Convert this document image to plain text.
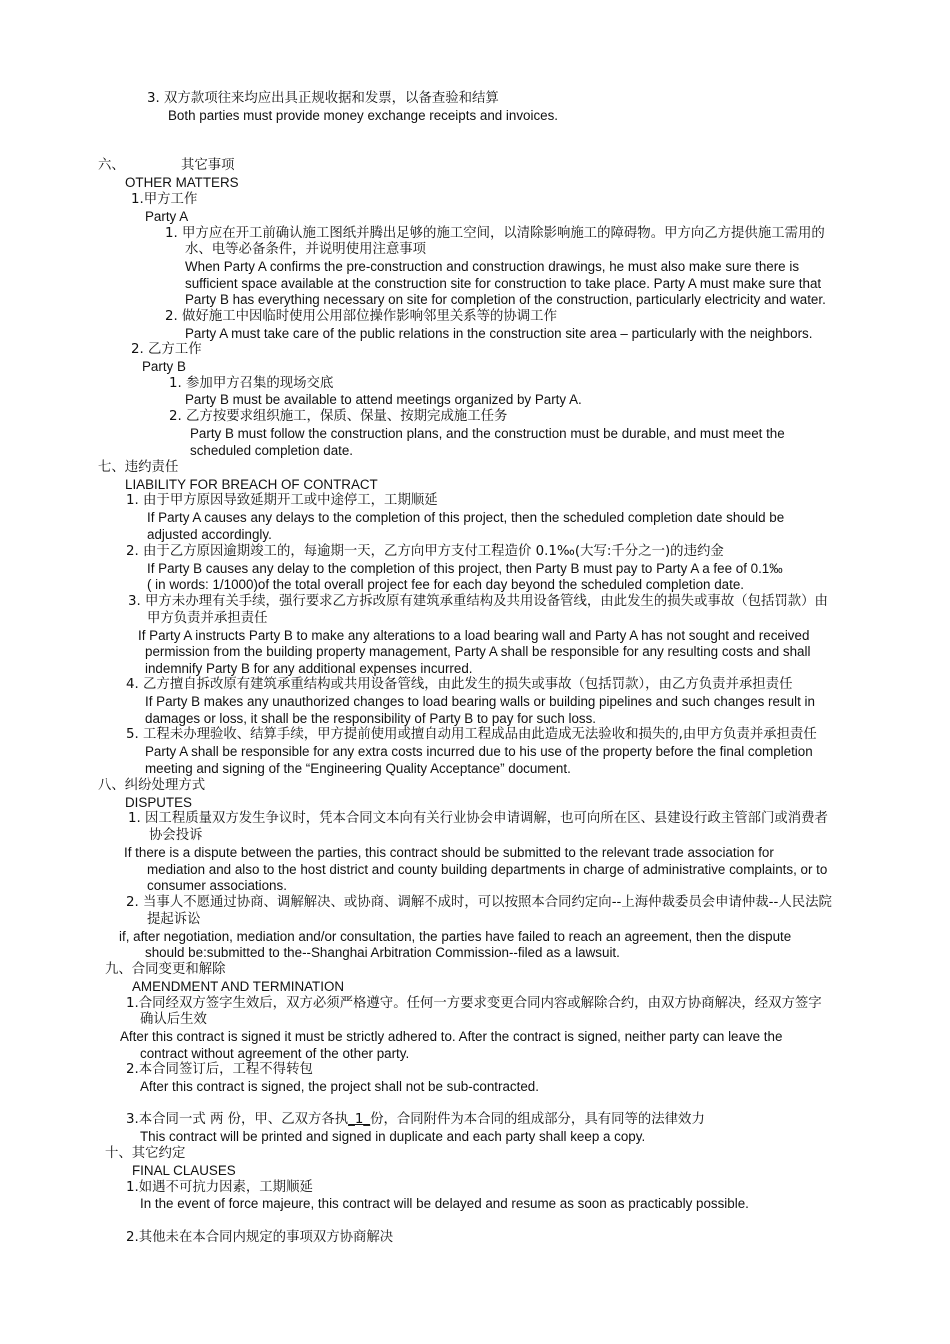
3. 双方款项往来均应出具正规收据和发票，以备查验和结算
Both parties must provide money exchange receipts and invoices.
六、	其它事项
OTHER MATTERS
1.甲方工作
Party A
1. 甲方应在开工前确认施工图纸并腾出足够的施工空间，以清除影响施工的障碍物。甲方向乙方提供施工需用的
水、电等必备条件，并说明使用注意事项
When Party A confirms the pre-construction and construction drawings, he must also make sure there is
sufficient space available at the construction site for construction to take place. Party A must make sure that
Party B has everything necessary on site for completion of the construction, particularly electricity and water.
2. 做好施工中因临时使用公用部位操作影响邻里关系等的协调工作
Party A must take care of the public relations in the construction site area – particularly with the neighbors.
2. 乙方工作
Party B
1. 参加甲方召集的现场交底
Party B must be available to attend meetings organized by Party A.
2. 乙方按要求组织施工，保质、保量、按期完成施工任务
Party B must follow the construction plans, and the construction must be durable, and must meet the
scheduled completion date.
七、违约责任
LIABILITY FOR BREACH OF CONTRACT
1. 由于甲方原因导致延期开工或中途停工，工期顺延
If Party A causes any delays to the completion of this project, then the scheduled completion date should be
adjusted accordingly.
2. 由于乙方原因逾期竣工的，每逾期一天，乙方向甲方支付工程造价 0.1‰(大写:千分之一)的违约金
If Party B causes any delay to the completion of this project, then Party B must pay to Party A a fee of 0.1‰
( in words: 1/1000)of the total overall project fee for each day beyond the scheduled completion date.
3. 甲方未办理有关手续，强行要求乙方拆改原有建筑承重结构及共用设备管线，由此发生的损失或事故（包括罚款）由
甲方负责并承担责任
If Party A instructs Party B to make any alterations to a load bearing wall and Party A has not sought and received
permission from the building property management, Party A shall be responsible for any resulting costs and shall
indemnify Party B for any additional expenses incurred.
4. 乙方擅自拆改原有建筑承重结构或共用设备管线，由此发生的损失或事故（包括罚款），由乙方负责并承担责任
If Party B makes any unauthorized changes to load bearing walls or building pipelines and such changes result in
damages or loss, it shall be the responsibility of Party B to pay for such loss.
5. 工程未办理验收、结算手续，甲方提前使用或擅自动用工程成品由此造成无法验收和损失的,由甲方负责并承担责任
Party A shall be responsible for any extra costs incurred due to his use of the property before the final completion
meeting and signing of the “Engineering Quality Acceptance” document.
八、纠纷处理方式
DISPUTES
1. 因工程质量双方发生争议时，凭本合同文本向有关行业协会申请调解，也可向所在区、县建设行政主管部门或消费者
协会投诉
If there is a dispute between the parties, this contract should be submitted to the relevant trade association for
mediation and also to the host district and county building departments in charge of administrative complaints, or to
consumer associations.
2. 当事人不愿通过协商、调解解决、或协商、调解不成时，可以按照本合同约定向--上海仲裁委员会申请仲裁--人民法院
提起诉讼
if, after negotiation, mediation and/or consultation, the parties have failed to reach an agreement, then the dispute
should be:submitted to the--Shanghai Arbitration Commission--filed as a lawsuit.
九、合同变更和解除
AMENDMENT AND TERMINATION
1.合同经双方签字生效后，双方必须严格遵守。任何一方要求变更合同内容或解除合约，由双方协商解决，经双方签字
确认后生效
After this contract is signed it must be strictly adhered to. After the contract is signed, neither party can leave the
contract without agreement of the other party.
2.本合同签订后，工程不得转包
After this contract is signed, the project shall not be sub-contracted.
3.本合同一式 两 份，甲、乙双方各执_1_份，合同附件为本合同的组成部分，具有同等的法律效力
This contract will be printed and signed in duplicate and each party shall keep a copy.
十、其它约定
FINAL CLAUSES
1.如遇不可抗力因素，工期顺延
In the event of force majeure, this contract will be delayed and resume as soon as practicably possible.
2.其他未在本合同内规定的事项双方协商解决
